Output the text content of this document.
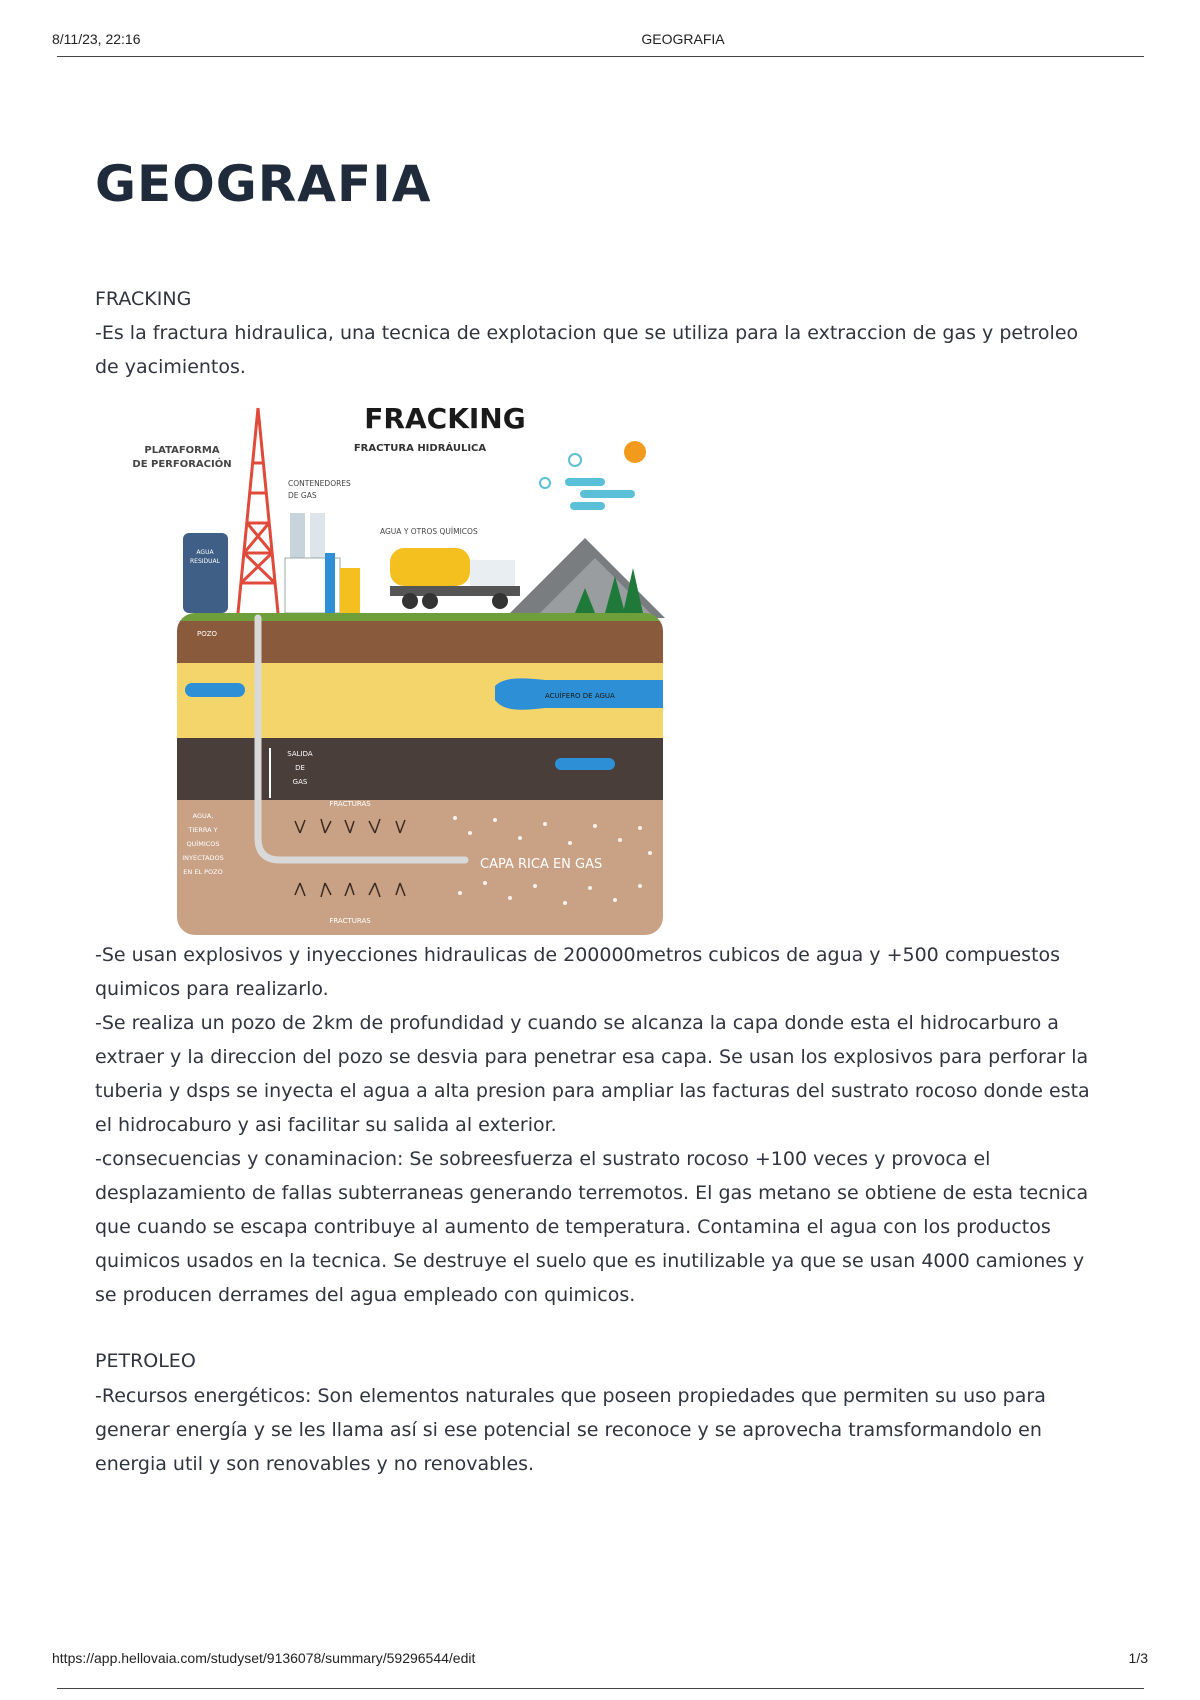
8/11/23, 22:16	GEOGRAFIA
GEOGRAFIA

FRACKING

-Es la fractura hidraulica, una tecnica de explotacion que se utiliza para la extraccion de gas y petroleo de yacimientos.

FRACKING
FRACTURA HIDRÁULICA
PLATAFORMA
DE PERFORACIÓN
CONTENEDORES
DE GAS
AGUA Y OTROS QUÍMICOS
AGUA
RESIDUAL
POZO
ACUÍFERO DE AGUA
SALIDA
DE
GAS
AGUA,
TIERRA Y
QUÍMICOS
INYECTADOS
EN EL POZO
FRACTURAS
FRACTURAS
CAPA RICA EN GAS

-Se usan explosivos y inyecciones hidraulicas de 200000metros cubicos de agua y +500 compuestos quimicos para realizarlo.

-Se realiza un pozo de 2km de profundidad y cuando se alcanza la capa donde esta el hidrocarburo a extraer y la direccion del pozo se desvia para penetrar esa capa. Se usan los explosivos para perforar la tuberia y dsps se inyecta el agua a alta presion para ampliar las facturas del sustrato rocoso donde esta el hidrocaburo y asi facilitar su salida al exterior.

-consecuencias y conaminacion: Se sobreesfuerza el sustrato rocoso +100 veces y provoca el desplazamiento de fallas subterraneas generando terremotos. El gas metano se obtiene de esta tecnica que cuando se escapa contribuye al aumento de temperatura. Contamina el agua con los productos quimicos usados en la tecnica. Se destruye el suelo que es inutilizable ya que se usan 4000 camiones y se producen derrames del agua empleado con quimicos.

PETROLEO

-Recursos energéticos: Son elementos naturales que poseen propiedades que permiten su uso para generar energía y se les llama así si ese potencial se reconoce y se aprovecha tramsformandolo en energia util y son renovables y no renovables.

https://app.hellovaia.com/studyset/9136078/summary/59296544/edit	1/3
